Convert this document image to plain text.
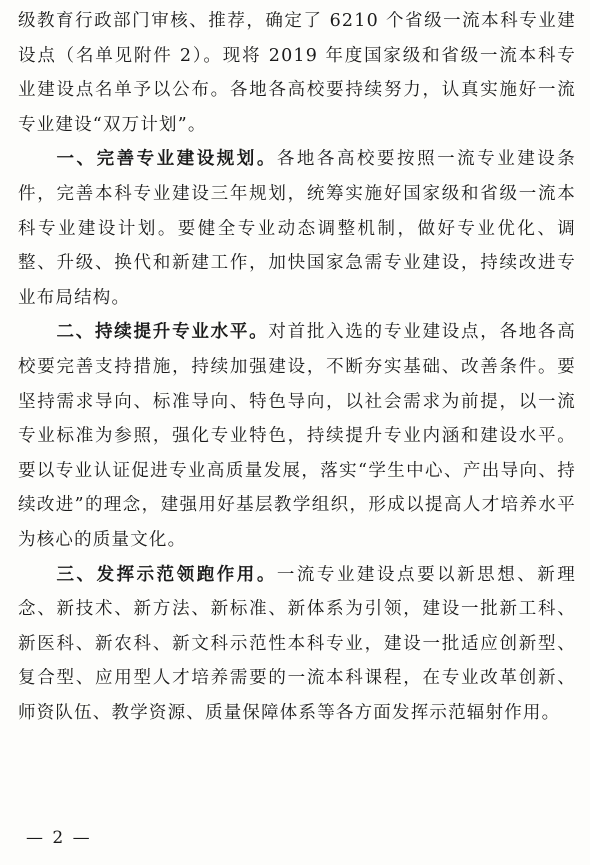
级教育行政部门审核、推荐，确定了 6210 个省级一流本科专业建设点（名单见附件 2）。现将 2019 年度国家级和省级一流本科专业建设点名单予以公布。各地各高校要持续努力，认真实施好一流专业建设“双万计划”。

一、完善专业建设规划。各地各高校要按照一流专业建设条件，完善本科专业建设三年规划，统筹实施好国家级和省级一流本科专业建设计划。要健全专业动态调整机制，做好专业优化、调整、升级、换代和新建工作，加快国家急需专业建设，持续改进专业布局结构。

二、持续提升专业水平。对首批入选的专业建设点，各地各高校要完善支持措施，持续加强建设，不断夯实基础、改善条件。要坚持需求导向、标准导向、特色导向，以社会需求为前提，以一流专业标准为参照，强化专业特色，持续提升专业内涵和建设水平。要以专业认证促进专业高质量发展，落实“学生中心、产出导向、持续改进”的理念，建强用好基层教学组织，形成以提高人才培养水平为核心的质量文化。

三、发挥示范领跑作用。一流专业建设点要以新思想、新理念、新技术、新方法、新标准、新体系为引领，建设一批新工科、新医科、新农科、新文科示范性本科专业，建设一批适应创新型、复合型、应用型人才培养需要的一流本科课程，在专业改革创新、师资队伍、教学资源、质量保障体系等各方面发挥示范辐射作用。

— 2 —
